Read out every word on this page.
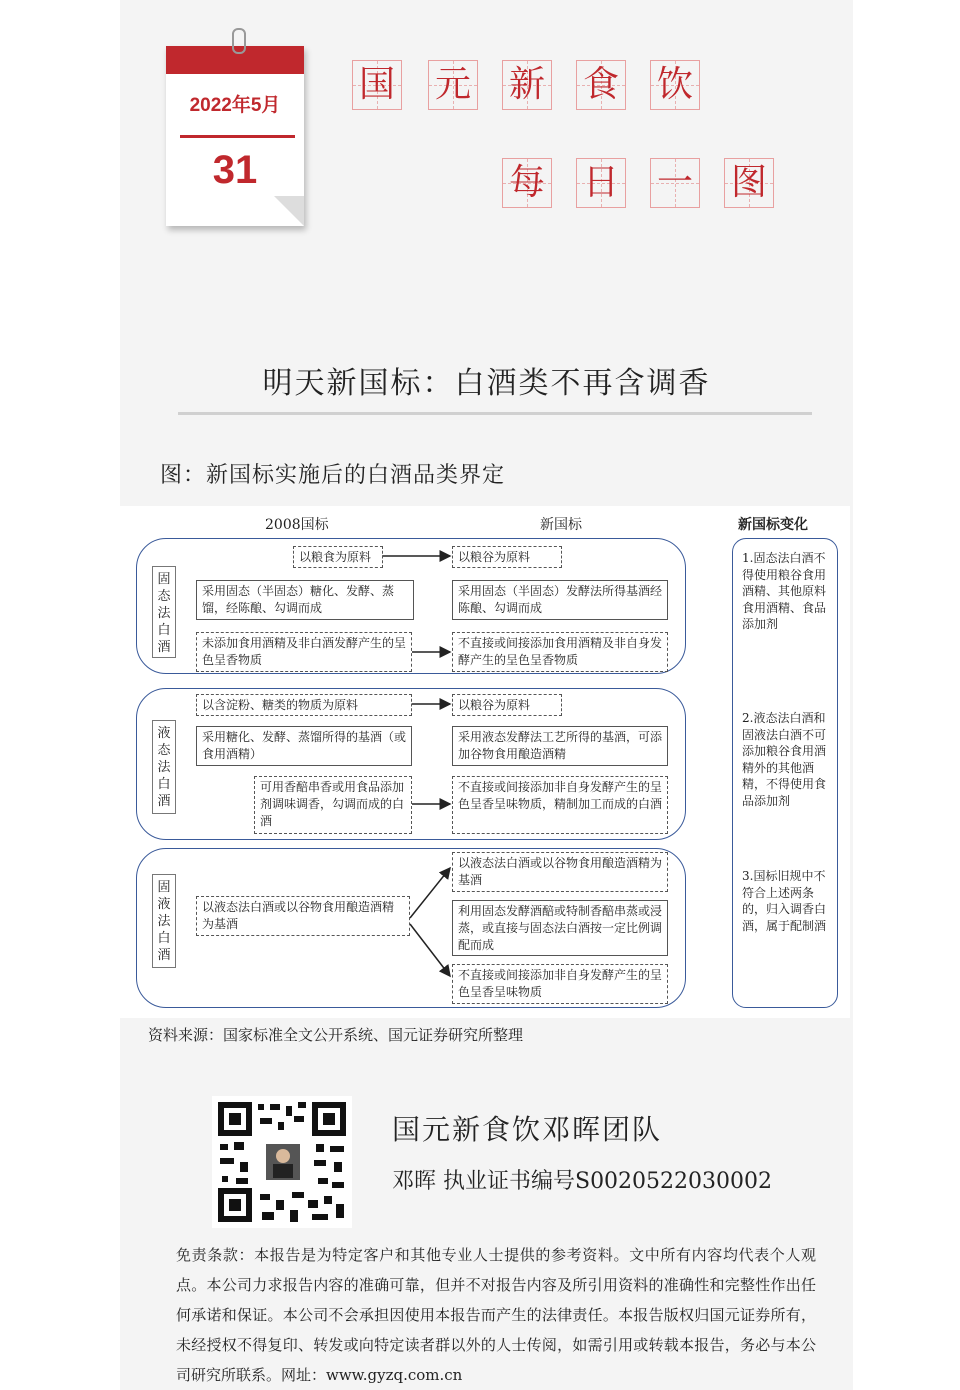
2022年5月
31
国 元 新 食 饮
每 日 一 图
明天新国标：白酒类不再含调香
图：新国标实施后的白酒品类界定
2008国标	新国标	新国标变化
固态法白酒
以粮食为原料	以粮谷为原料
采用固态（半固态）糖化、发酵、蒸馏，经陈酿、勾调而成
采用固态（半固态）发酵法所得基酒经陈酿、勾调而成
未添加食用酒精及非白酒发酵产生的呈色呈香物质
不直接或间接添加食用酒精及非自身发酵产生的呈色呈香物质
液态法白酒
以含淀粉、糖类的物质为原料	以粮谷为原料
采用糖化、发酵、蒸馏所得的基酒（或食用酒精）
采用液态发酵法工艺所得的基酒，可添加谷物食用酿造酒精
可用香醅串香或用食品添加剂调味调香，勾调而成的白酒
不直接或间接添加非自身发酵产生的呈色呈香呈味物质，精制加工而成的白酒
固液法白酒
以液态法白酒或以谷物食用酿造酒精为基酒
以液态法白酒或以谷物食用酿造酒精为基酒
利用固态发酵酒醅或特制香醅串蒸或浸蒸，或直接与固态法白酒按一定比例调配而成
不直接或间接添加非自身发酵产生的呈色呈香呈味物质
1.固态法白酒不得使用粮谷食用酒精、其他原料食用酒精、食品添加剂
2.液态法白酒和固液法白酒不可添加粮谷食用酒精外的其他酒精，不得使用食品添加剂
3.国标旧规中不符合上述两条的，归入调香白酒，属于配制酒
资料来源：国家标准全文公开系统、国元证券研究所整理
国元新食饮邓晖团队
邓晖 执业证书编号S0020522030002
免责条款：本报告是为特定客户和其他专业人士提供的参考资料。文中所有内容均代表个人观点。本公司力求报告内容的准确可靠，但并不对报告内容及所引用资料的准确性和完整性作出任何承诺和保证。本公司不会承担因使用本报告而产生的法律责任。本报告版权归国元证券所有，未经授权不得复印、转发或向特定读者群以外的人士传阅，如需引用或转载本报告，务必与本公司研究所联系。网址：www.gyzq.com.cn
